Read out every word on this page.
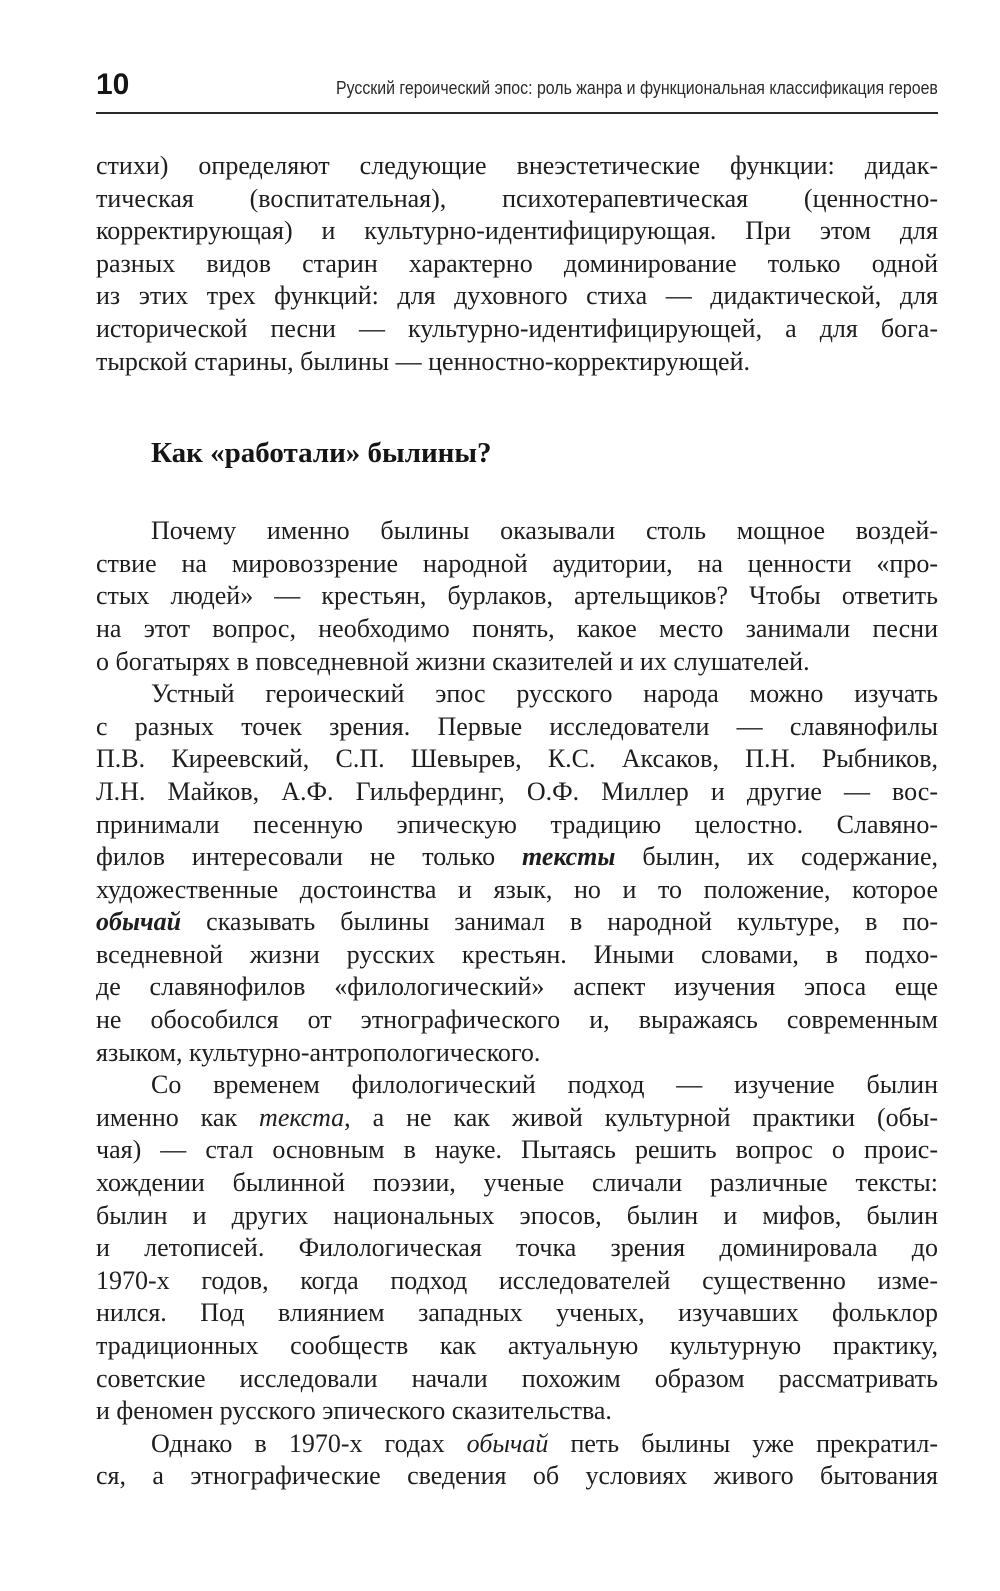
10	Русский героический эпос: роль жанра и функциональная классификация героев

стихи) определяют следующие внеэстетические функции: дидак-
тическая (воспитательная), психотерапевтическая (ценностно-
корректирующая) и культурно-идентифицирующая. При этом для
разных видов старин характерно доминирование только одной
из этих трех функций: для духовного стиха — дидактической, для
исторической песни — культурно-идентифицирующей, а для бога-
тырской старины, былины — ценностно-корректирующей.

Как «работали» былины?

Почему именно былины оказывали столь мощное воздей-
ствие на мировоззрение народной аудитории, на ценности «про-
стых людей» — крестьян, бурлаков, артельщиков? Чтобы ответить
на этот вопрос, необходимо понять, какое место занимали песни
о богатырях в повседневной жизни сказителей и их слушателей.

Устный героический эпос русского народа можно изучать
с разных точек зрения. Первые исследователи — славянофилы
П.В. Киреевский, С.П. Шевырев, К.С. Аксаков, П.Н. Рыбников,
Л.Н. Майков, А.Ф. Гильфердинг, О.Ф. Миллер и другие — вос-
принимали песенную эпическую традицию целостно. Славяно-
филов интересовали не только тексты былин, их содержание,
художественные достоинства и язык, но и то положение, которое
обычай сказывать былины занимал в народной культуре, в по-
вседневной жизни русских крестьян. Иными словами, в подхо-
де славянофилов «филологический» аспект изучения эпоса еще
не обособился от этнографического и, выражаясь современным
языком, культурно-антропологического.

Со временем филологический подход — изучение былин
именно как текста, а не как живой культурной практики (обы-
чая) — стал основным в науке. Пытаясь решить вопрос о проис-
хождении былинной поэзии, ученые сличали различные тексты:
былин и других национальных эпосов, былин и мифов, былин
и летописей. Филологическая точка зрения доминировала до
1970-х годов, когда подход исследователей существенно изме-
нился. Под влиянием западных ученых, изучавших фольклор
традиционных сообществ как актуальную культурную практику,
советские исследовали начали похожим образом рассматривать
и феномен русского эпического сказительства.

Однако в 1970-х годах обычай петь былины уже прекратил-
ся, а этнографические сведения об условиях живого бытования
